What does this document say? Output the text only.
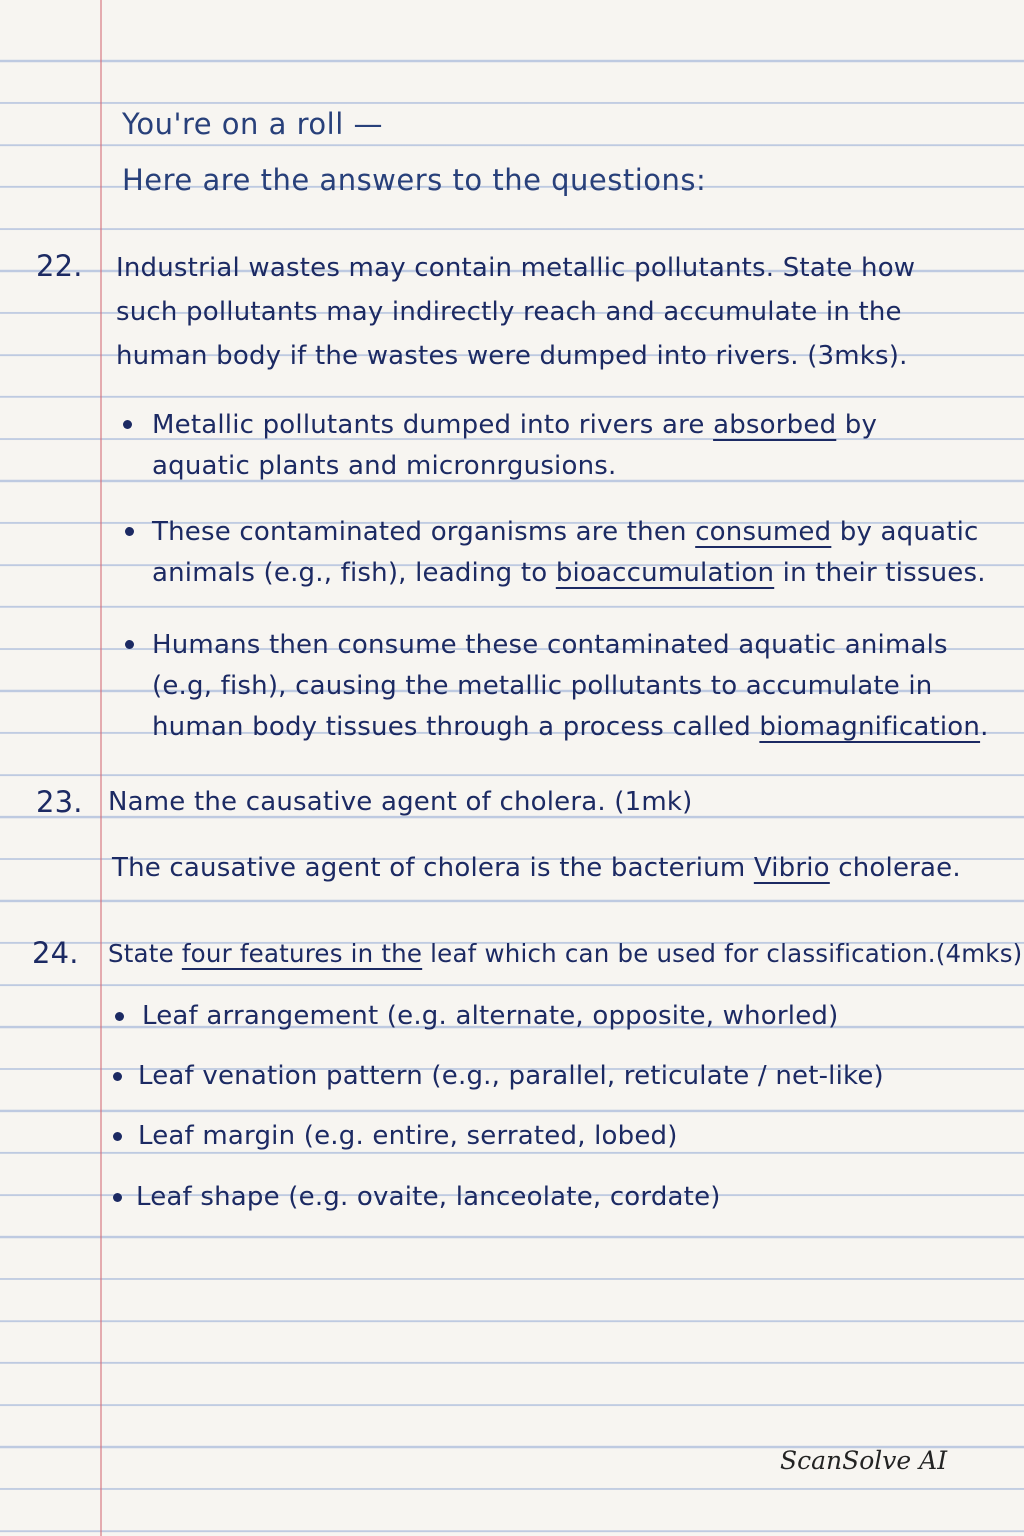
You're on a roll —
Here are the answers to the questions:
22. Industrial wastes may contain metallic pollutants. State how
such pollutants may indirectly reach and accumulate in the
human body if the wastes were dumped into rivers. (3mks).
Metallic pollutants dumped into rivers are absorbed by
aquatic plants and micronrgusions.
These contaminated organisms are then consumed by aquatic
animals (e.g., fish), leading to bioaccumulation in their tissues.
Humans then consume these contaminated aquatic animals
(e.g, fish), causing the metallic pollutants to accumulate in
human body tissues through a process called biomagnification.
23. Name the causative agent of cholera. (1mk)
The causative agent of cholera is the bacterium Vibrio cholerae.
24. State four features in the leaf which can be used for classification.(4mks)
Leaf arrangement (e.g. alternate, opposite, whorled)
Leaf venation pattern (e.g., parallel, reticulate / net-like)
Leaf margin (e.g. entire, serrated, lobed)
Leaf shape (e.g. ovaite, lanceolate, cordate)
ScanSolve AI
